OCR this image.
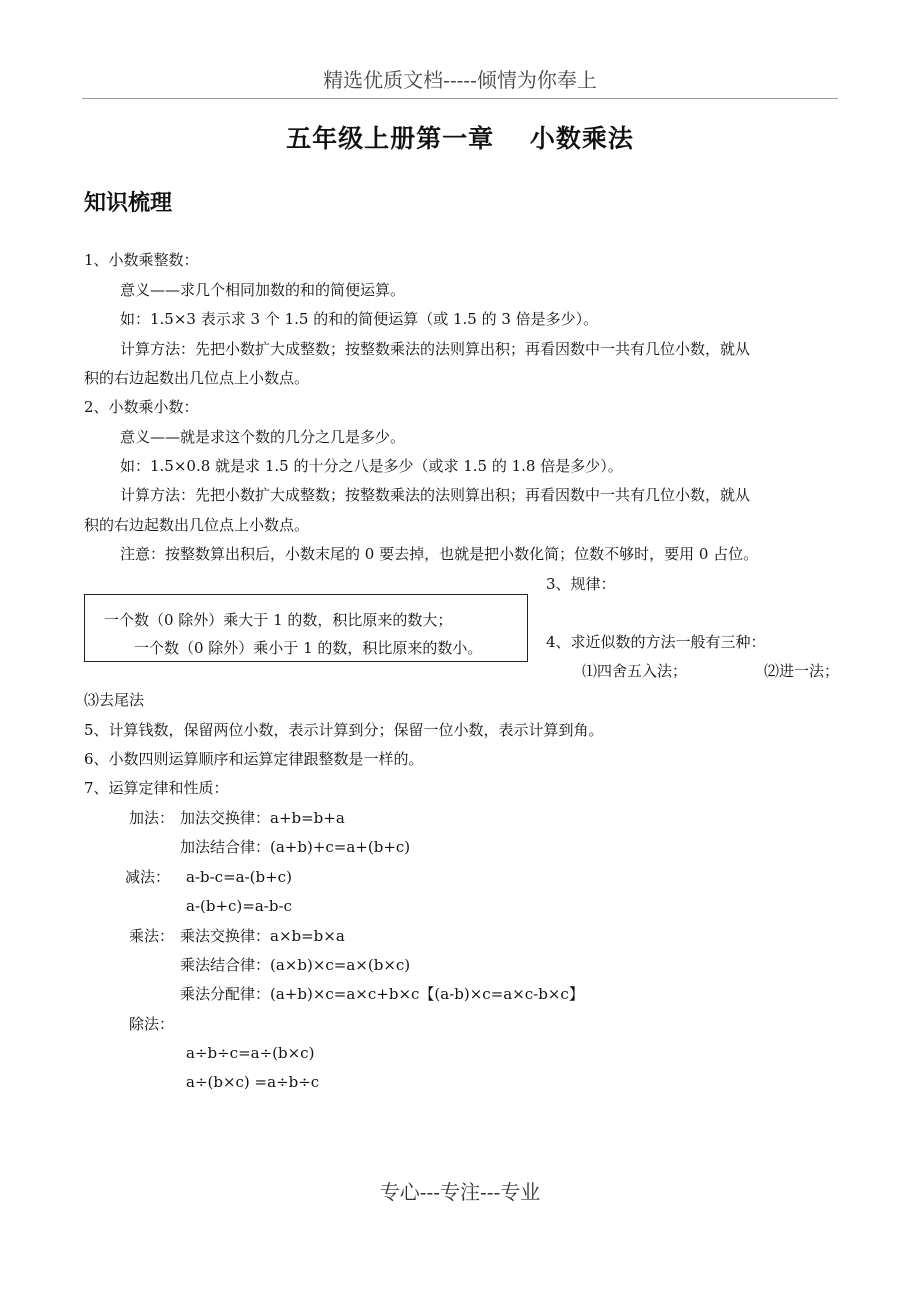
精选优质文档-----倾情为你奉上
五年级上册第一章　 小数乘法
知识梳理
1、小数乘整数：
意义——求几个相同加数的和的简便运算。
如：1.5×3 表示求 3 个 1.5 的和的简便运算（或 1.5 的 3 倍是多少）。
计算方法：先把小数扩大成整数；按整数乘法的法则算出积；再看因数中一共有几位小数，就从
积的右边起数出几位点上小数点。
2、小数乘小数：
意义——就是求这个数的几分之几是多少。
如：1.5×0.8 就是求 1.5 的十分之八是多少（或求 1.5 的 1.8 倍是多少）。
计算方法：先把小数扩大成整数；按整数乘法的法则算出积；再看因数中一共有几位小数，就从
积的右边起数出几位点上小数点。
注意：按整数算出积后，小数末尾的 0 要去掉，也就是把小数化简；位数不够时，要用 0 占位。
3、规律：
一个数（0 除外）乘大于 1 的数，积比原来的数大；
一个数（0 除外）乘小于 1 的数，积比原来的数小。	4、求近似数的方法一般有三种：
⑴四舍五入法；	⑵进一法；
⑶去尾法
5、计算钱数，保留两位小数，表示计算到分；保留一位小数，表示计算到角。
6、小数四则运算顺序和运算定律跟整数是一样的。
7、运算定律和性质：
加法： 加法交换律：a+b=b+a
加法结合律：(a+b)+c=a+(b+c)
减法： a-b-c=a-(b+c)
a-(b+c)=a-b-c
乘法： 乘法交换律：a×b=b×a
乘法结合律：(a×b)×c=a×(b×c)
乘法分配律：(a+b)×c=a×c+b×c【(a-b)×c=a×c-b×c】
除法：
a÷b÷c=a÷(b×c)
a÷(b×c) =a÷b÷c
专心---专注---专业
